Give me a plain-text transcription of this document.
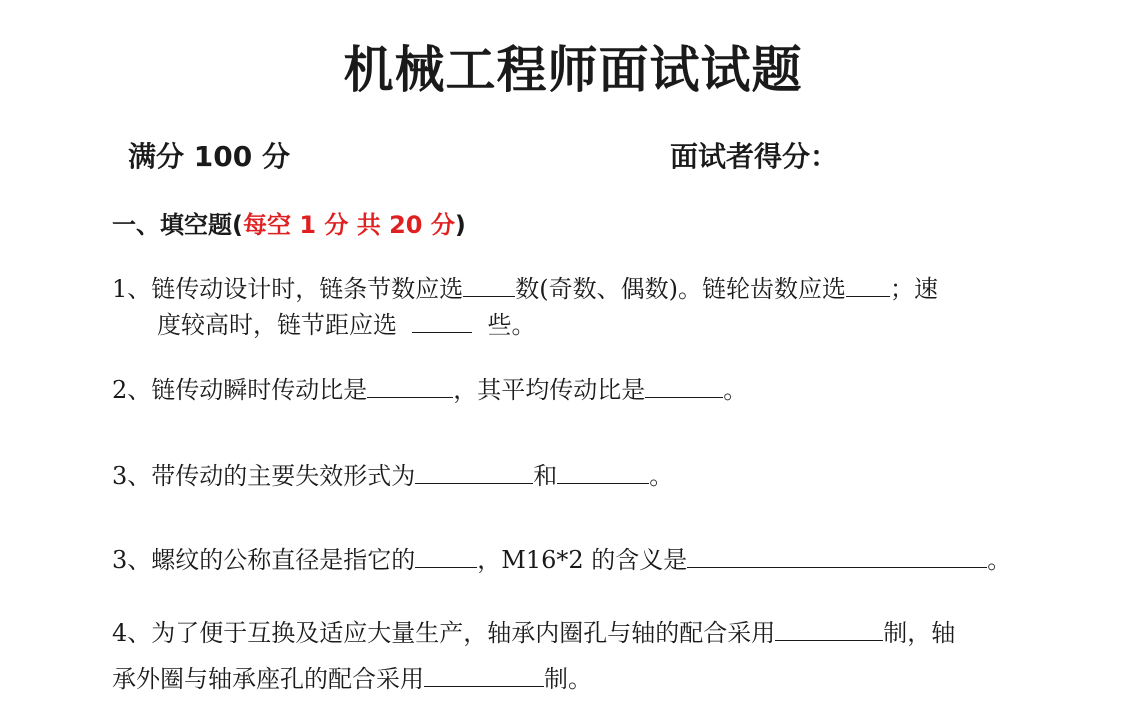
机械工程师面试试题
满分 100 分	面试者得分：
一、填空题(每空 1 分 共 20 分)
1、链传动设计时，链条节数应选 数(奇数、偶数)。链轮齿数应选 ；速
度较高时，链节距应选	些。
2、链传动瞬时传动比是	，其平均传动比是	。
3、带传动的主要失效形式为	和	。
3、螺纹的公称直径是指它的	，M16*2 的含义是	。
4、为了便于互换及适应大量生产，轴承内圈孔与轴的配合采用	制，轴
承外圈与轴承座孔的配合采用	制。
